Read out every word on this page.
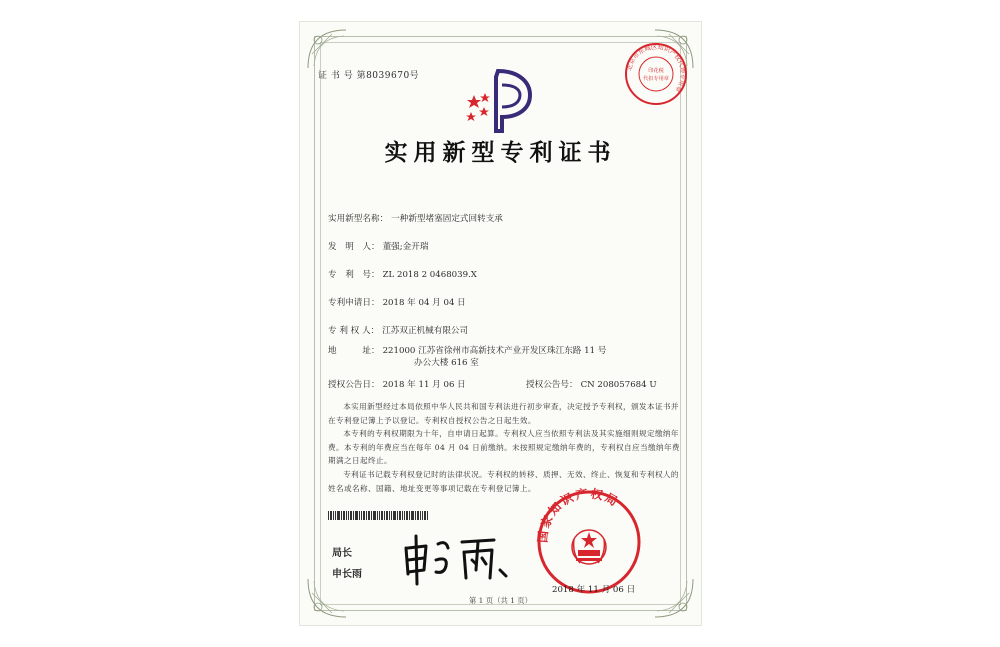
证 书 号 第8039670号
北京市东城区知识产权代理专用章
印花税
代扣专用章
实用新型专利证书
实用新型名称： 一种新型堵塞固定式回转支承
发　明　人： 董强;金开瑞
专　利　号： ZL 2018 2 0468039.X
专利申请日： 2018 年 04 月 04 日
专 利 权 人： 江苏双正机械有限公司
地　　　址： 221000 江苏省徐州市高新技术产业开发区珠江东路 11 号
办公大楼 616 室
授权公告日： 2018 年 11 月 06 日	授权公告号： CN 208057684 U
本实用新型经过本局依照中华人民共和国专利法进行初步审查，决定授予专利权，颁发本证书并在专利登记簿上予以登记。专利权自授权公告之日起生效。
本专利的专利权期限为十年，自申请日起算。专利权人应当依照专利法及其实施细则规定缴纳年费。本专利的年费应当在每年 04 月 04 日前缴纳。未按照规定缴纳年费的，专利权自应当缴纳年费期满之日起终止。
专利证书记载专利权登记时的法律状况。专利权的转移、质押、无效、终止、恢复和专利权人的姓名或名称、国籍、地址变更等事项记载在专利登记簿上。
局长
申长雨
国家知识产权局
2018 年 11 月 06 日
第 1 页（共 1 页）
